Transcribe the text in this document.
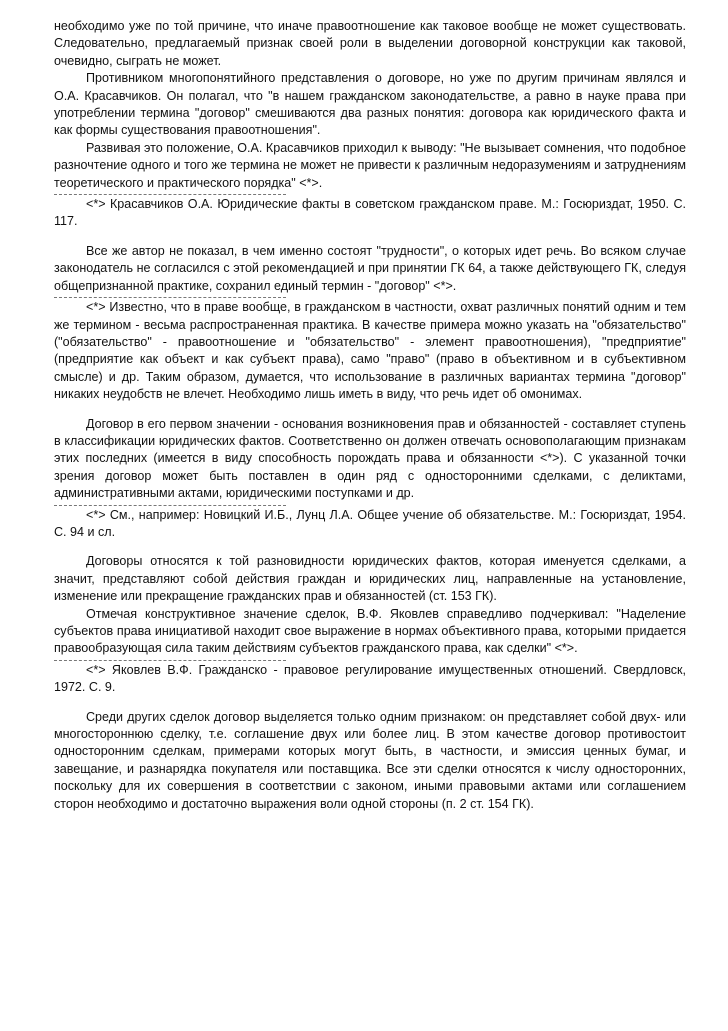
необходимо уже по той причине, что иначе правоотношение как таковое вообще не может существовать. Следовательно, предлагаемый признак своей роли в выделении договорной конструкции как таковой, очевидно, сыграть не может.

Противником многопонятийного представления о договоре, но уже по другим причинам являлся и О.А. Красавчиков. Он полагал, что "в нашем гражданском законодательстве, а равно в науке права при употреблении термина "договор" смешиваются два разных понятия: договора как юридического факта и как формы существования правоотношения".

Развивая это положение, О.А. Красавчиков приходил к выводу: "Не вызывает сомнения, что подобное разночтение одного и того же термина не может не привести к различным недоразумениям и затруднениям теоретического и практического порядка" <*>.

<*> Красавчиков О.А. Юридические факты в советском гражданском праве. М.: Госюриздат, 1950. С. 117.

Все же автор не показал, в чем именно состоят "трудности", о которых идет речь. Во всяком случае законодатель не согласился с этой рекомендацией и при принятии ГК 64, а также действующего ГК, следуя общепризнанной практике, сохранил единый термин - "договор" <*>.

<*> Известно, что в праве вообще, в гражданском в частности, охват различных понятий одним и тем же термином - весьма распространенная практика. В качестве примера можно указать на "обязательство" ("обязательство" - правоотношение и "обязательство" - элемент правоотношения), "предприятие" (предприятие как объект и как субъект права), само "право" (право в объективном и в субъективном смысле) и др. Таким образом, думается, что использование в различных вариантах термина "договор" никаких неудобств не влечет. Необходимо лишь иметь в виду, что речь идет об омонимах.

Договор в его первом значении - основания возникновения прав и обязанностей - составляет ступень в классификации юридических фактов. Соответственно он должен отвечать основополагающим признакам этих последних (имеется в виду способность порождать права и обязанности <*>). С указанной точки зрения договор может быть поставлен в один ряд с односторонними сделками, с деликтами, административными актами, юридическими поступками и др.

<*> См., например: Новицкий И.Б., Лунц Л.А. Общее учение об обязательстве. М.: Госюриздат, 1954. С. 94 и сл.

Договоры относятся к той разновидности юридических фактов, которая именуется сделками, а значит, представляют собой действия граждан и юридических лиц, направленные на установление, изменение или прекращение гражданских прав и обязанностей (ст. 153 ГК).

Отмечая конструктивное значение сделок, В.Ф. Яковлев справедливо подчеркивал: "Наделение субъектов права инициативой находит свое выражение в нормах объективного права, которыми придается правообразующая сила таким действиям субъектов гражданского права, как сделки" <*>.

<*> Яковлев В.Ф. Гражданско - правовое регулирование имущественных отношений. Свердловск, 1972. С. 9.

Среди других сделок договор выделяется только одним признаком: он представляет собой двух- или многостороннюю сделку, т.е. соглашение двух или более лиц. В этом качестве договор противостоит односторонним сделкам, примерами которых могут быть, в частности, и эмиссия ценных бумаг, и завещание, и разнарядка покупателя или поставщика. Все эти сделки относятся к числу односторонних, поскольку для их совершения в соответствии с законом, иными правовыми актами или соглашением сторон необходимо и достаточно выражения воли одной стороны (п. 2 ст. 154 ГК).
